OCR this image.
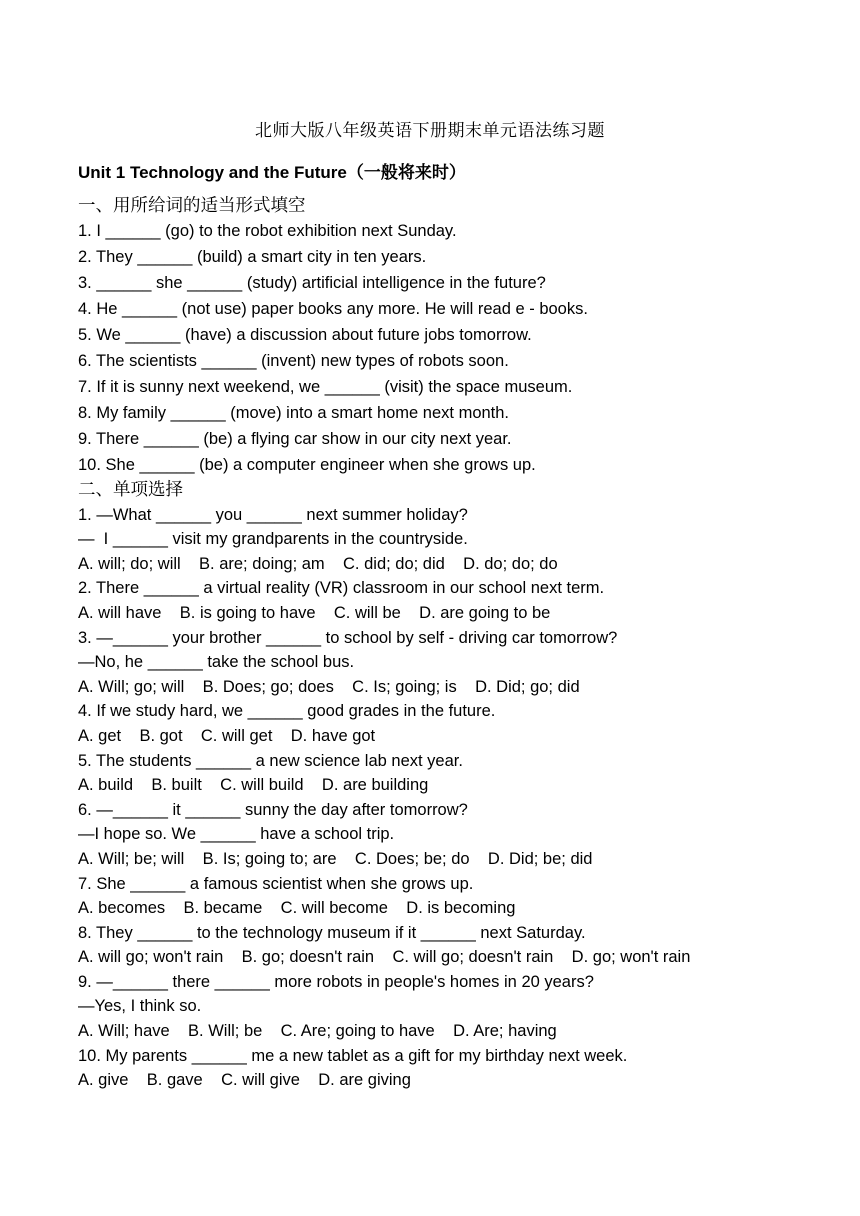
北师大版八年级英语下册期末单元语法练习题
Unit 1 Technology and the Future（一般将来时）
一、用所给词的适当形式填空
1. I ______ (go) to the robot exhibition next Sunday.
2. They ______ (build) a smart city in ten years.
3. ______ she ______ (study) artificial intelligence in the future?
4. He ______ (not use) paper books any more. He will read e - books.
5. We ______ (have) a discussion about future jobs tomorrow.
6. The scientists ______ (invent) new types of robots soon.
7. If it is sunny next weekend, we ______ (visit) the space museum.
8. My family ______ (move) into a smart home next month.
9. There ______ (be) a flying car show in our city next year.
10. She ______ (be) a computer engineer when she grows up.
二、单项选择
1. —What ______ you ______ next summer holiday?
—  I ______ visit my grandparents in the countryside.
A. will; do; will    B. are; doing; am    C. did; do; did    D. do; do; do
2. There ______ a virtual reality (VR) classroom in our school next term.
A. will have    B. is going to have    C. will be    D. are going to be
3. —______ your brother ______ to school by self - driving car tomorrow?
—No, he ______ take the school bus.
A. Will; go; will    B. Does; go; does    C. Is; going; is    D. Did; go; did
4. If we study hard, we ______ good grades in the future.
A. get    B. got    C. will get    D. have got
5. The students ______ a new science lab next year.
A. build    B. built    C. will build    D. are building
6. —______ it ______ sunny the day after tomorrow?
—I hope so. We ______ have a school trip.
A. Will; be; will    B. Is; going to; are    C. Does; be; do    D. Did; be; did
7. She ______ a famous scientist when she grows up.
A. becomes    B. became    C. will become    D. is becoming
8. They ______ to the technology museum if it ______ next Saturday.
A. will go; won't rain    B. go; doesn't rain    C. will go; doesn't rain    D. go; won't rain
9. —______ there ______ more robots in people's homes in 20 years?
—Yes, I think so.
A. Will; have    B. Will; be    C. Are; going to have    D. Are; having
10. My parents ______ me a new tablet as a gift for my birthday next week.
A. give    B. gave    C. will give    D. are giving
